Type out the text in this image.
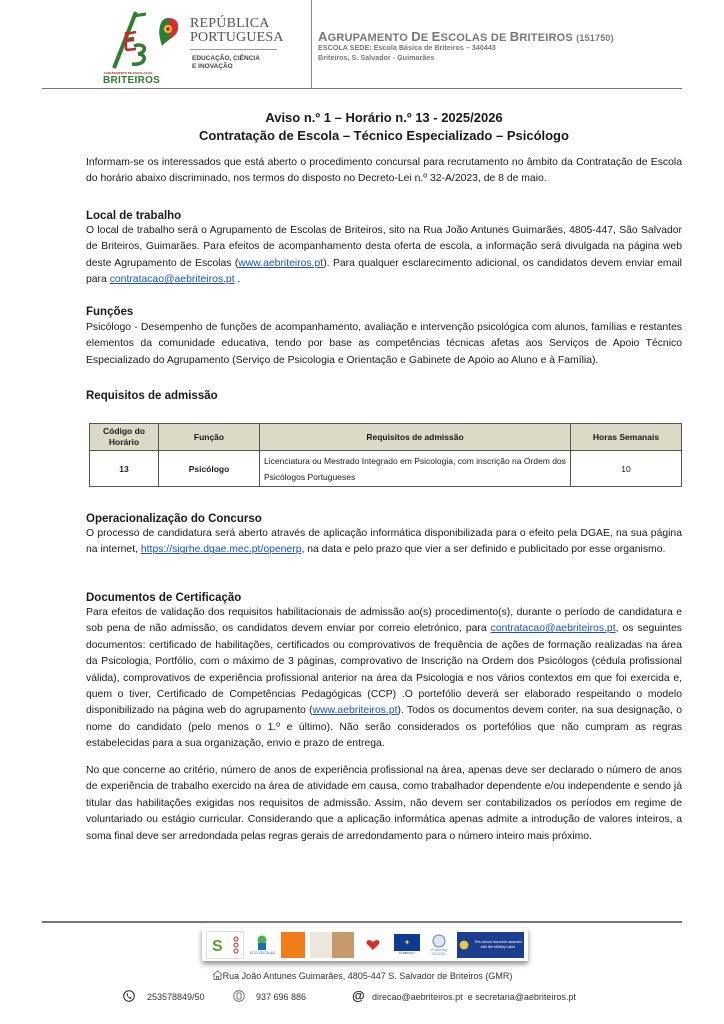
AGRUPAMENTO DE ESCOLAS DE
BRITEIROS
REPÚBLICA
PORTUGUESA
EDUCAÇÃO, CIÊNCIA
E INOVAÇÃO
AGRUPAMENTO DE ESCOLAS DE BRITEIROS (151750)
ESCOLA SEDE: Escola Básica de Briteiros – 340443
Briteiros, S. Salvador - Guimarães
Aviso n.º 1 – Horário n.º 13 - 2025/2026
Contratação de Escola – Técnico Especializado – Psicólogo
Informam-se os interessados que está aberto o procedimento concursal para recrutamento no âmbito da Contratação de Escola do horário abaixo discriminado, nos termos do disposto no Decreto-Lei n.º 32-A/2023, de 8 de maio.
Local de trabalho
O local de trabalho será o Agrupamento de Escolas de Briteiros, sito na Rua João Antunes Guimarães, 4805-447, São Salvador de Briteiros, Guimarães. Para efeitos de acompanhamento desta oferta de escola, a informação será divulgada na página web deste Agrupamento de Escolas (www.aebriteiros.pt). Para qualquer esclarecimento adicional, os candidatos devem enviar email para contratacao@aebriteiros.pt .
Funções
Psicólogo - Desempenho de funções de acompanhamento, avaliação e intervenção psicológica com alunos, famílias e restantes elementos da comunidade educativa, tendo por base as competências técnicas afetas aos Serviços de Apoio Técnico Especializado do Agrupamento (Serviço de Psicologia e Orientação e Gabinete de Apoio ao Aluno e à Família).
Requisitos de admissão
Código do Horário	Função	Requisitos de admissão	Horas Semanais
13	Psicólogo	Licenciatura ou Mestrado Integrado em Psicologia, com inscrição na Ordem dos Psicólogos Portugueses	10
Operacionalização do Concurso
O processo de candidatura será aberto através de aplicação informática disponibilizada para o efeito pela DGAE, na sua página na internet, https://sigrhe.dgae.mec.pt/openerp, na data e pelo prazo que vier a ser definido e publicitado por esse organismo.
Documentos de Certificação
Para efeitos de validação dos requisitos habilitacionais de admissão ao(s) procedimento(s), durante o período de candidatura e sob pena de não admissão, os candidatos devem enviar por correio eletrónico, para contratacao@aebriteiros.pt, os seguintes documentos: certificado de habilitações, certificados ou comprovativos de frequência de ações de formação realizadas na área da Psicologia, Portfólio, com o máximo de 3 páginas, comprovativo de Inscrição na Ordem dos Psicólogos (cédula profissional válida), comprovativos de experiência profissional anterior na área da Psicologia e nos vários contextos em que foi exercida e, quem o tiver, Certificado de Competências Pedagógicas (CCP) .O portefólio deverá ser elaborado respeitando o modelo disponibilizado na página web do agrupamento (www.aebriteiros.pt). Todos os documentos devem conter, na sua designação, o nome do candidato (pelo menos o 1.º e último). Não serão considerados os portefólios que não cumpram as regras estabelecidas para a sua organização, envio e prazo de entrega.
No que concerne ao critério, número de anos de experiência profissional na área, apenas deve ser declarado o número de anos de experiência de trabalho exercido na área de atividade em causa, como trabalhador dependente e/ou independente e sendo já titular das habilitações exigidas nos requisitos de admissão. Assim, não devem ser contabilizados os períodos em regime de voluntariado ou estágio curricular. Considerando que a aplicação informática apenas admite a introdução de valores inteiros, a soma final deve ser arredondada pelas regras gerais de arredondamento para o número inteiro mais próximo.
S	ECO-ESCOLAS
✦
Erasmus+
eTwinning SCHOOL
This school has been awarded with the eSafety Label
Rua João Antunes Guimarães, 4805-447 S. Salvador de Briteiros (GMR)
253578849/50	937 696 886	@ direcao@aebriteiros.pt  e secretaria@aebriteiros.pt
